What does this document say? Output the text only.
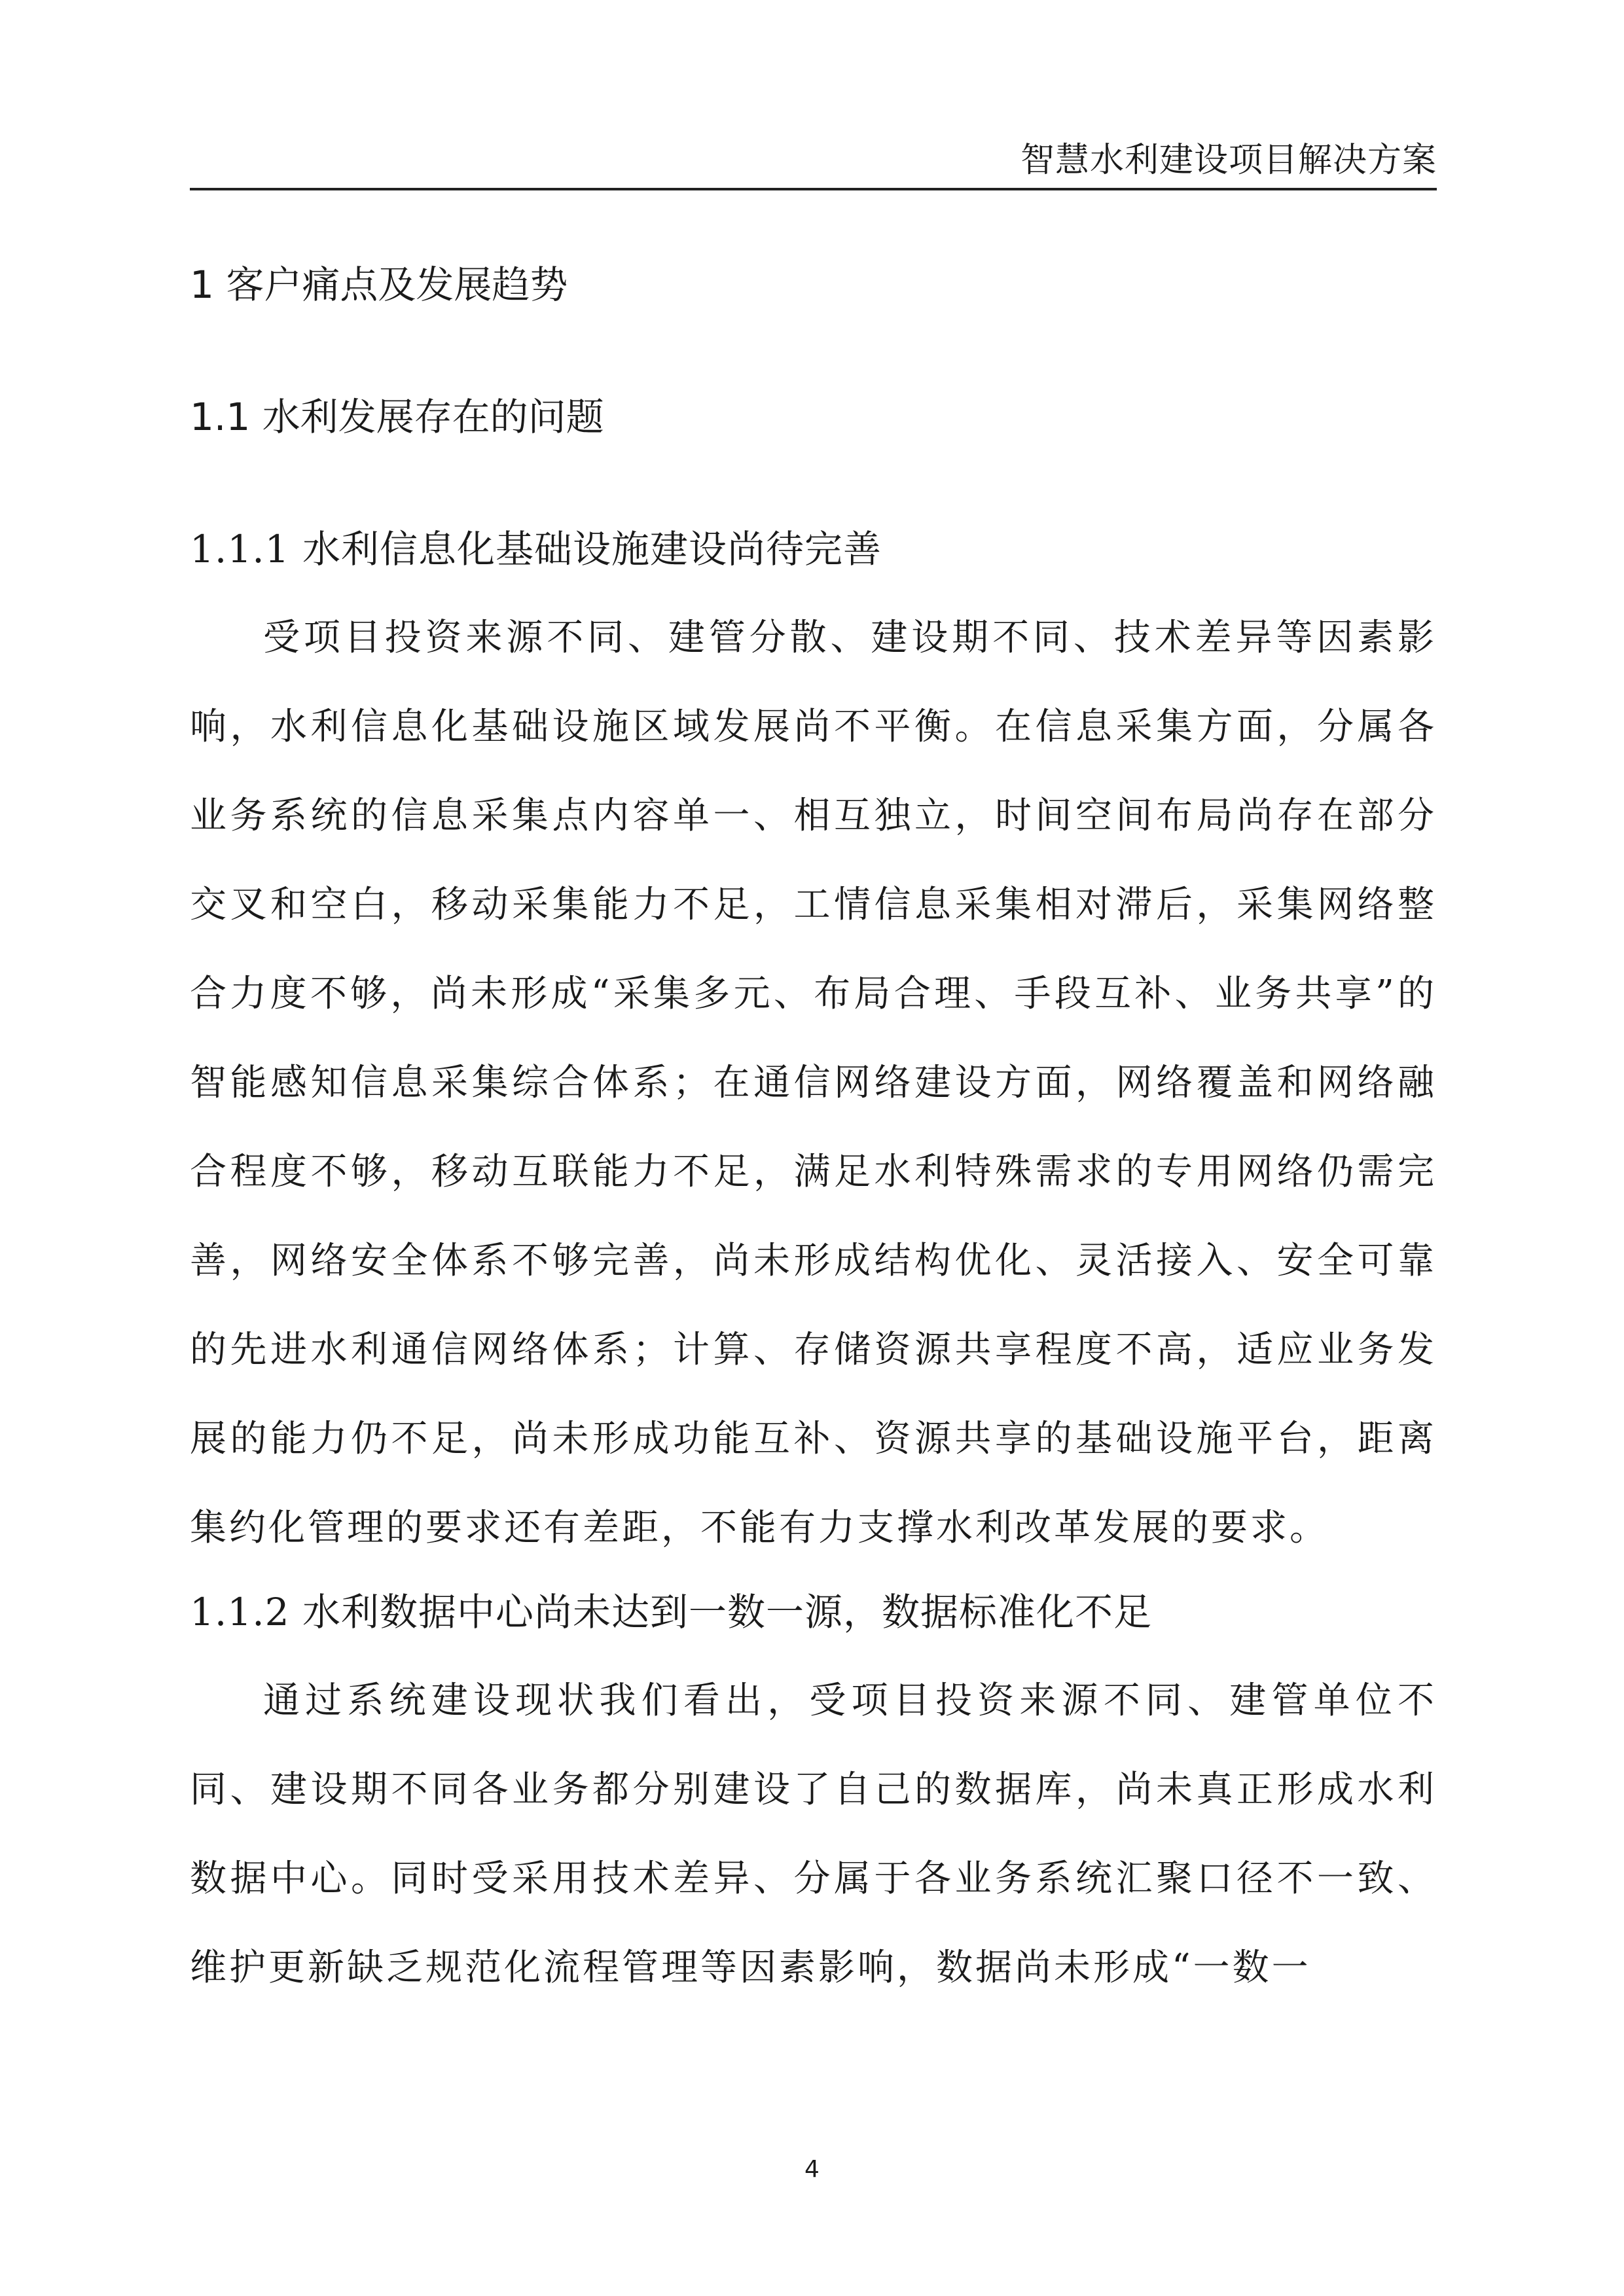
智慧水利建设项目解决方案
1 客户痛点及发展趋势
1.1 水利发展存在的问题
1.1.1 水利信息化基础设施建设尚待完善

受项目投资来源不同、建管分散、建设期不同、技术差异等因素影响，水利信息化基础设施区域发展尚不平衡。在信息采集方面，分属各业务系统的信息采集点内容单一、相互独立，时间空间布局尚存在部分交叉和空白，移动采集能力不足，工情信息采集相对滞后，采集网络整合力度不够，尚未形成“采集多元、布局合理、手段互补、业务共享”的智能感知信息采集综合体系；在通信网络建设方面，网络覆盖和网络融合程度不够，移动互联能力不足，满足水利特殊需求的专用网络仍需完善，网络安全体系不够完善，尚未形成结构优化、灵活接入、安全可靠的先进水利通信网络体系；计算、存储资源共享程度不高，适应业务发展的能力仍不足，尚未形成功能互补、资源共享的基础设施平台，距离集约化管理的要求还有差距，不能有力支撑水利改革发展的要求。

1.1.2 水利数据中心尚未达到一数一源，数据标准化不足

通过系统建设现状我们看出，受项目投资来源不同、建管单位不同、建设期不同各业务都分别建设了自己的数据库，尚未真正形成水利数据中心。同时受采用技术差异、分属于各业务系统汇聚口径不一致、维护更新缺乏规范化流程管理等因素影响，数据尚未形成“一数一

4
